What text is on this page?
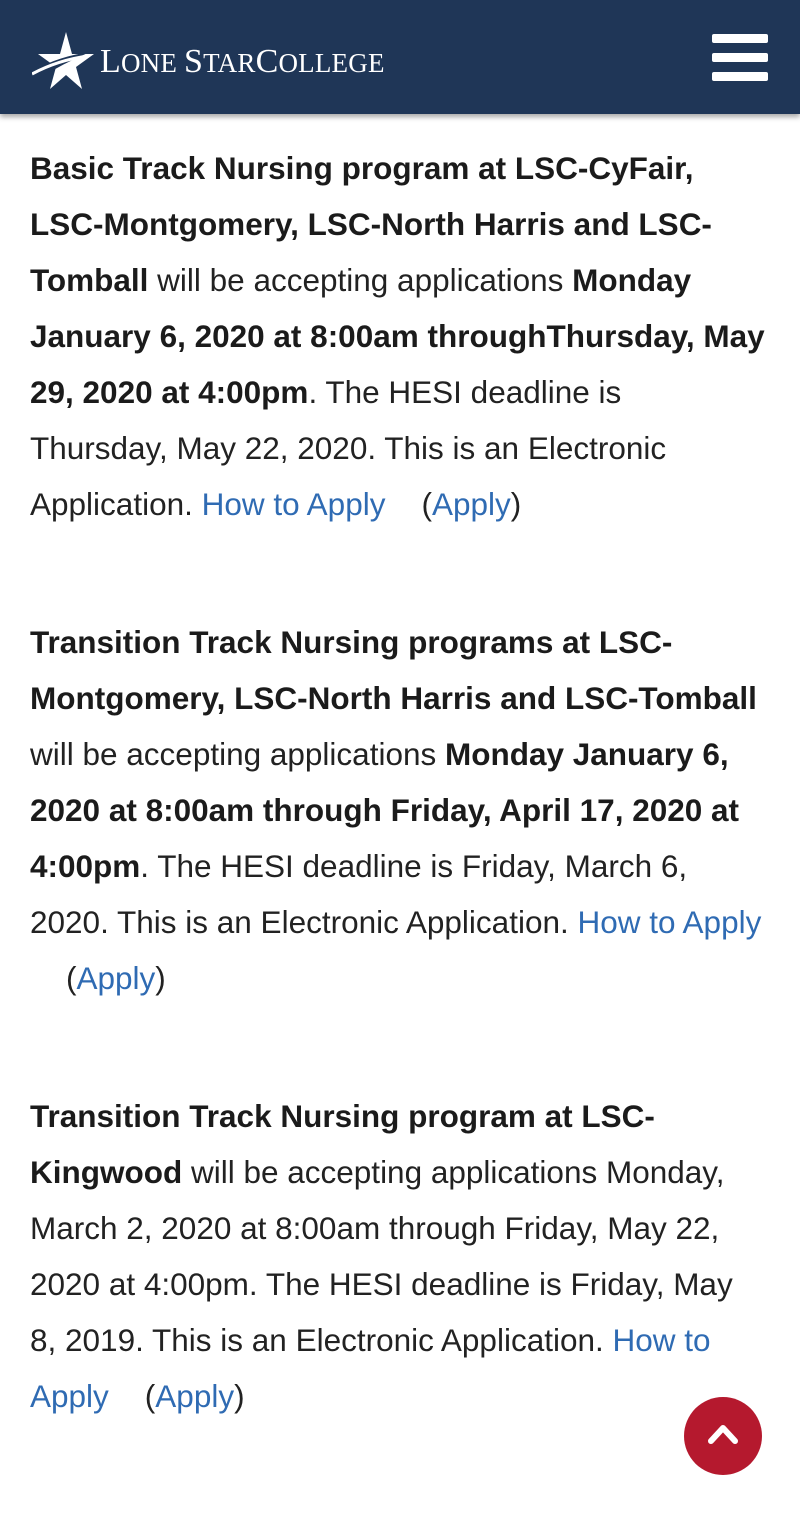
LONE STARCOLLEGE

Basic Track Nursing program at LSC-CyFair, LSC-Montgomery, LSC-North Harris and LSC-Tomball will be accepting applications Monday January 6, 2020 at 8:00am throughThursday, May 29, 2020 at 4:00pm. The HESI deadline is Thursday, May 22, 2020. This is an Electronic Application. How to Apply (Apply)

Transition Track Nursing programs at LSC-Montgomery, LSC-North Harris and LSC-Tomball will be accepting applications Monday January 6, 2020 at 8:00am through Friday, April 17, 2020 at 4:00pm. The HESI deadline is Friday, March 6, 2020. This is an Electronic Application. How to Apply(Apply)

Transition Track Nursing program at LSC-Kingwood will be accepting applications Monday, March 2, 2020 at 8:00am through Friday, May 22, 2020 at 4:00pm. The HESI deadline is Friday, May 8, 2019. This is an Electronic Application. How to Apply (Apply)
